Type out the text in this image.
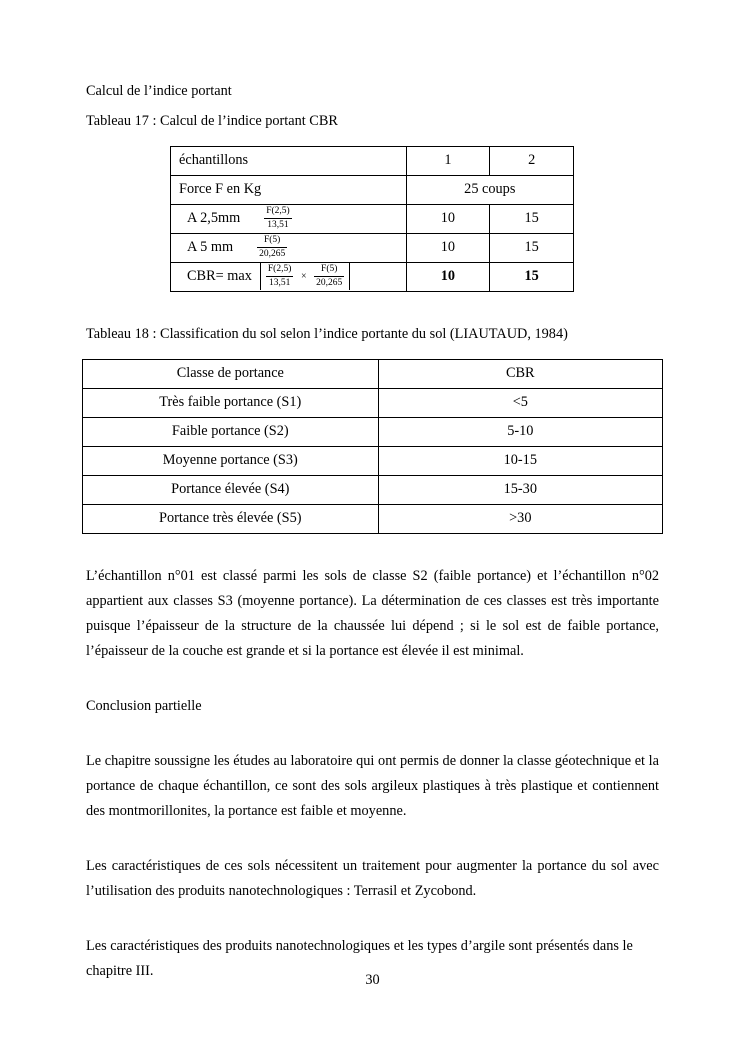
Calcul de l’indice portant

Tableau 17 : Calcul de l’indice portant CBR

échantillons	1	2
Force F en Kg	25 coups	

A $2,5mm \frac{F(2,5)}{13,51}$	10	15

A 5 mm $\frac{F(5)}{20,265}$	10	15

$CBR= \max \frac{F(2,5)}{13,51} \times \frac{F(5)}{20,265}$	10	15

Tableau 18 : Classification du sol selon l’indice portante du sol (LIAUTAUD, 1984)

Classe de portance	CBR
Très faible portance (S1)	<5
Faible portance (S2)	5-10
Moyenne portance (S3)	10-15
Portance élevée (S4)	15-30
Portance très élevée (S5)	>30

L’échantillon n°01 est classé parmi les sols de classe S2 (faible portance) et l’échantillon n°02 appartient aux classes S3 (moyenne portance). La détermination de ces classes est très importante puisque l’épaisseur de la structure de la chaussée lui dépend ; si le sol est de faible portance, l’épaisseur de la couche est grande et si la portance est élevée il est minimal.

Conclusion partielle

Le chapitre soussigne les études au laboratoire qui ont permis de donner la classe géotechnique et la portance de chaque échantillon, ce sont des sols argileux plastiques à très plastique et contiennent des montmorillonites, la portance est faible et moyenne.

Les caractéristiques de ces sols nécessitent un traitement pour augmenter la portance du sol avec l’utilisation des produits nanotechnologiques : Terrasil et Zycobond.

Les caractéristiques des produits nanotechnologiques et les types d’argile sont présentés dans le chapitre III.

30
